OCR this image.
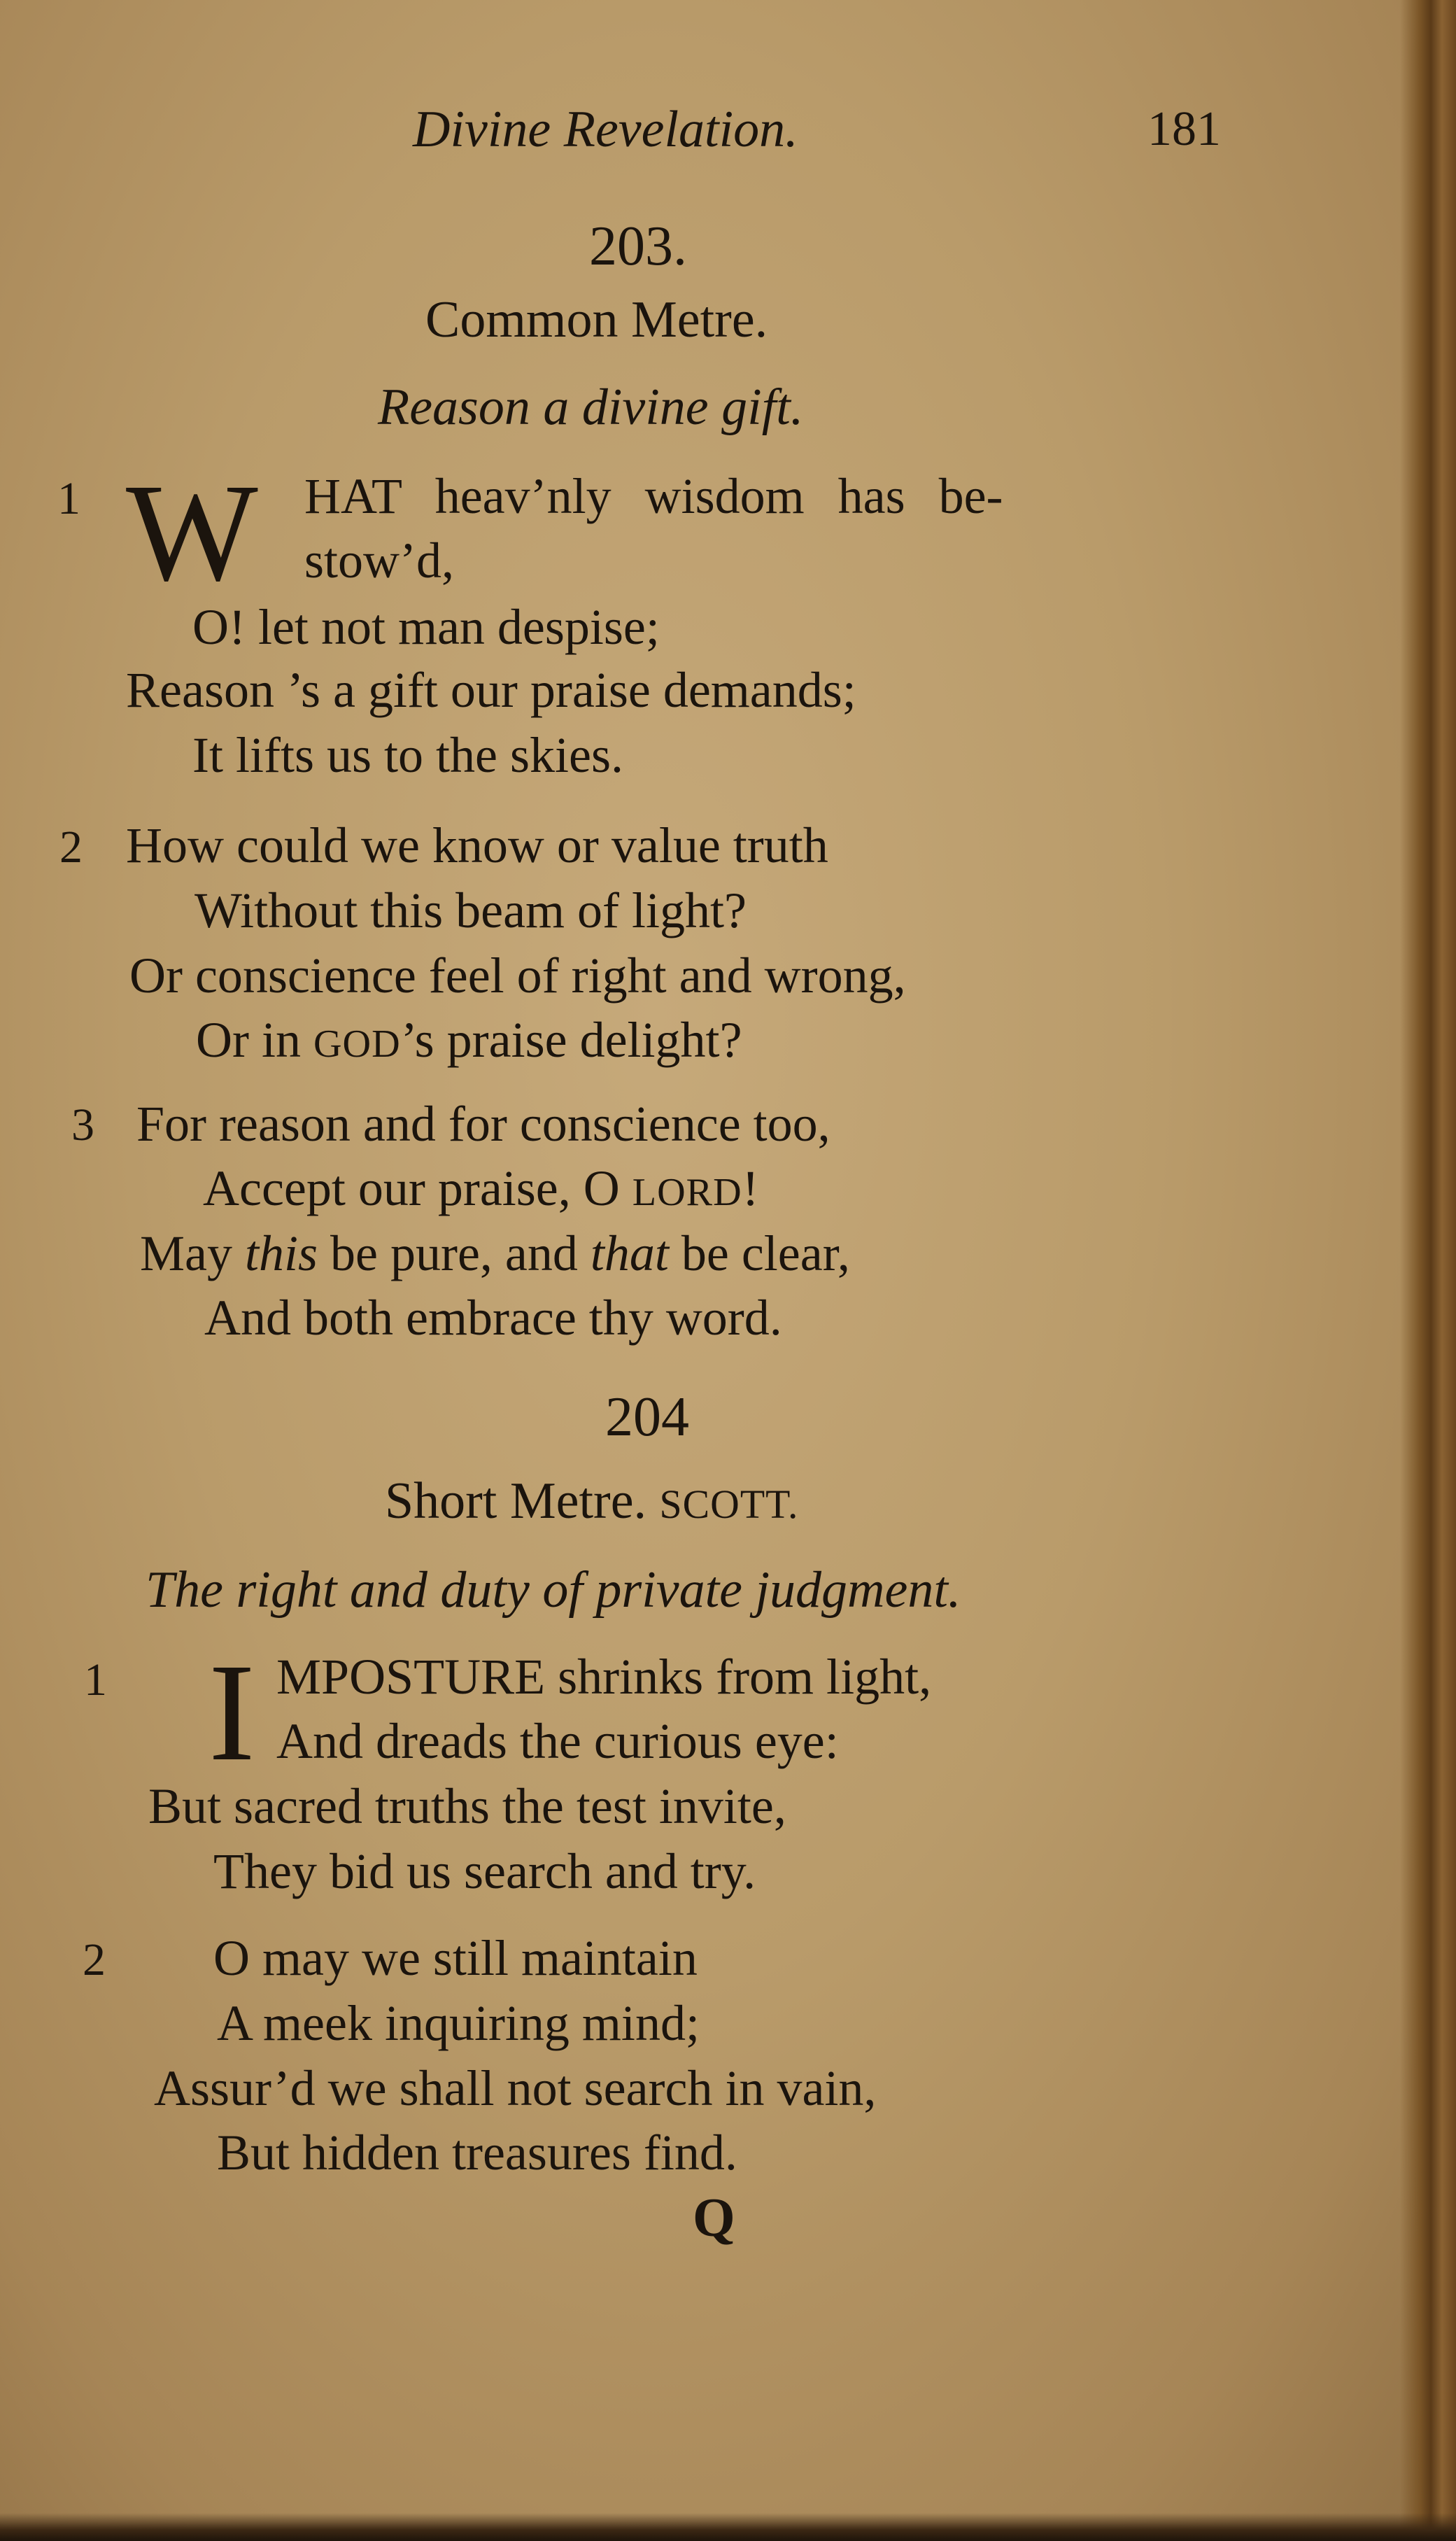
Divine Revelation.	181
203.
Common Metre.
Reason a divine gift.
1 W HAT heav’nly wisdom has be-
stow’d,
O! let not man despise;
Reason ’s a gift our praise demands;
It lifts us to the skies.
2 How could we know or value truth
Without this beam of light?
Or conscience feel of right and wrong,
Or in GOD’s praise delight?
3 For reason and for conscience too,
Accept our praise, O LORD!
May this be pure, and that be clear,
And both embrace thy word.
204
Short Metre. SCOTT.
The right and duty of private judgment.
1 I MPOSTURE shrinks from light,
And dreads the curious eye:
But sacred truths the test invite,
They bid us search and try.
2 O may we still maintain
A meek inquiring mind;
Assur’d we shall not search in vain,
But hidden treasures find.
Q
